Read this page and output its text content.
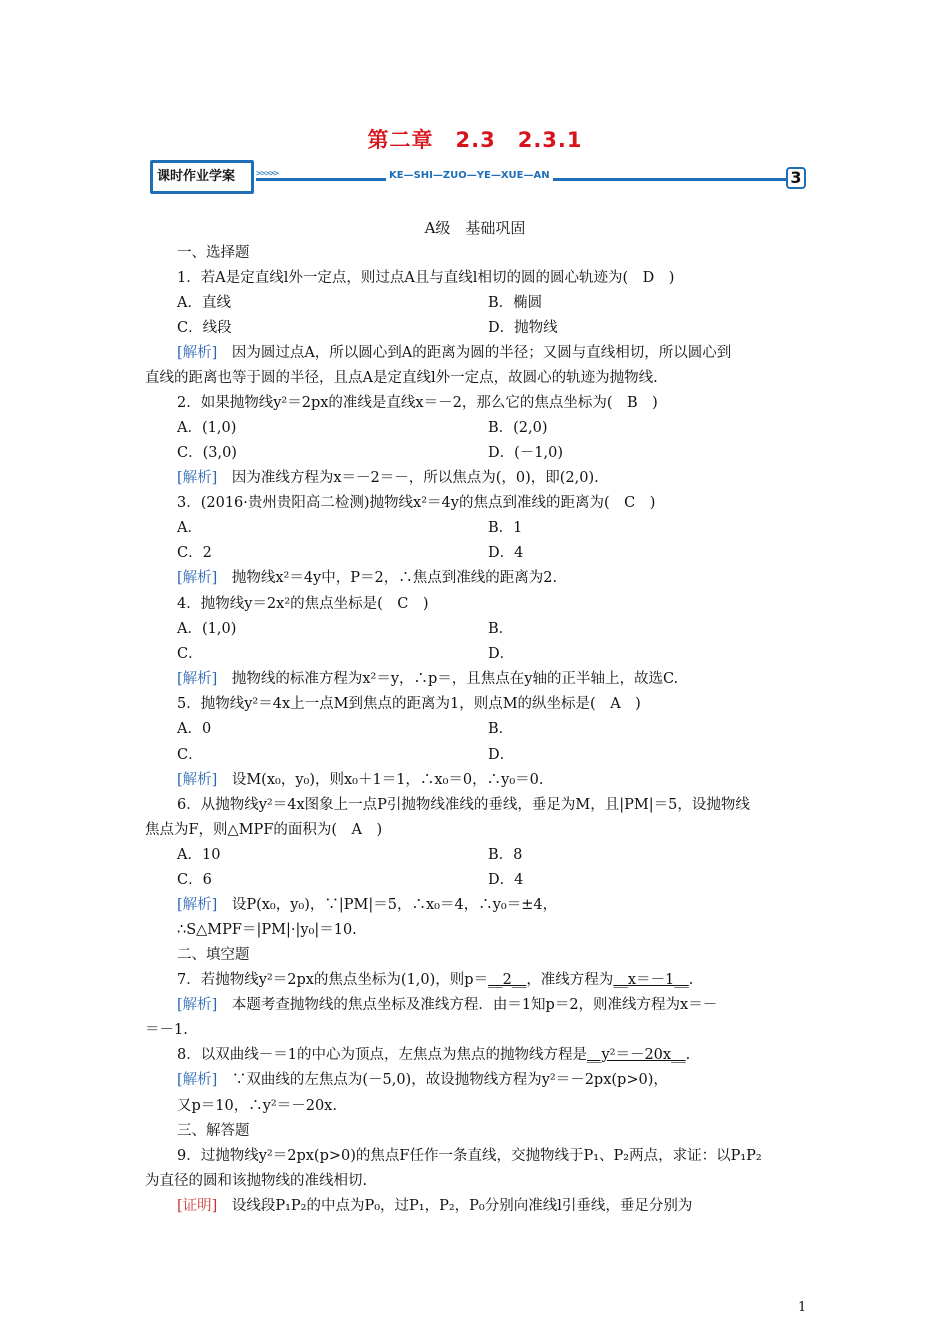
第二章　2.3　2.3.1
课时作业学案	>>>>>	KE—SHI—ZUO—YE—XUE—AN	3
A级　基础巩固
一、选择题
1．若A是定直线l外一定点，则过点A且与直线l相切的圆的圆心轨迹为(　D　)
A．直线	B．椭圆
C．线段	D．抛物线
[解析]　因为圆过点A，所以圆心到A的距离为圆的半径；又圆与直线相切，所以圆心到
直线的距离也等于圆的半径，且点A是定直线l外一定点，故圆心的轨迹为抛物线.
2．如果抛物线y²＝2px的准线是直线x＝－2，那么它的焦点坐标为(　B　)
A．(1,0)	B．(2,0)
C．(3,0)	D．(－1,0)
[解析]　因为准线方程为x＝－2＝－，所以焦点为(，0)，即(2,0).
3．(2016·贵州贵阳高二检测)抛物线x²＝4y的焦点到准线的距离为(　C　)
A．	B．1
C．2	D．4
[解析]　抛物线x²＝4y中，P＝2，∴焦点到准线的距离为2.
4．抛物线y＝2x²的焦点坐标是(　C　)
A．(1,0)	B．
C．	D．
[解析]　抛物线的标准方程为x²＝y，∴p＝，且焦点在y轴的正半轴上，故选C.
5．抛物线y²＝4x上一点M到焦点的距离为1，则点M的纵坐标是(　A　)
A．0	B．
C．	D．
[解析]　设M(x₀，y₀)，则x₀＋1＝1，∴x₀＝0，∴y₀＝0.
6．从抛物线y²＝4x图象上一点P引抛物线准线的垂线，垂足为M，且|PM|＝5，设抛物线
焦点为F，则△MPF的面积为(　A　)
A．10	B．8
C．6	D．4
[解析]　设P(x₀，y₀)，∵|PM|＝5，∴x₀＝4，∴y₀＝±4，
∴S△MPF＝|PM|·|y₀|＝10.
二、填空题
7．若抛物线y²＝2px的焦点坐标为(1,0)，则p＝__2__，准线方程为__x＝－1__.
[解析]　本题考查抛物线的焦点坐标及准线方程．由＝1知p＝2，则准线方程为x＝－
＝－1.
8．以双曲线－＝1的中心为顶点，左焦点为焦点的抛物线方程是__y²＝－20x__.
[解析]　∵双曲线的左焦点为(－5,0)，故设抛物线方程为y²＝－2px(p>0)，
又p＝10，∴y²＝－20x.
三、解答题
9．过抛物线y²＝2px(p>0)的焦点F任作一条直线，交抛物线于P₁、P₂两点，求证：以P₁P₂
为直径的圆和该抛物线的准线相切.
[证明]　设线段P₁P₂的中点为P₀，过P₁，P₂，P₀分别向准线l引垂线，垂足分别为
1
